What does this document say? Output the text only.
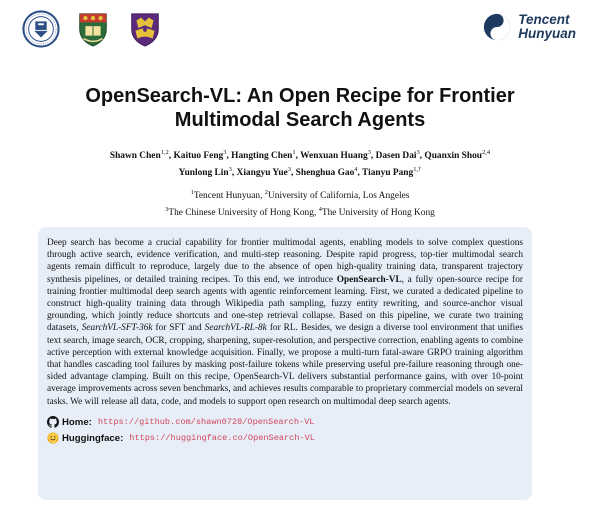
Tencent
Hunyuan
OpenSearch-VL: An Open Recipe for Frontier
Multimodal Search Agents
Shawn Chen$^{1,2}$, Kaituo Feng$^3$, Hangting Chen$^1$, Wenxuan Huang$^3$, Dasen Dai$^3$, Quanxin Shou$^{2,4}$
Yunlong Lin$^3$, Xiangyu Yue$^3$, Shenghua Gao$^4$, Tianyu Pang$^{1,\dagger}$
$^1$Tencent Hunyuan, $^2$University of California, Los Angeles
$^3$The Chinese University of Hong Kong, $^4$The University of Hong Kong

Deep search has become a crucial capability for frontier multimodal agents, enabling models to solve complex questions through active search, evidence verification, and multi-step reasoning. Despite rapid progress, top-tier multimodal search agents remain difficult to reproduce, largely due to the absence of open high-quality training data, transparent trajectory synthesis pipelines, or detailed training recipes. To this end, we introduce OpenSearch-VL, a fully open-source recipe for training frontier multimodal deep search agents with agentic reinforcement learning. First, we curated a dedicated pipeline to construct high-quality training data through Wikipedia path sampling, fuzzy entity rewriting, and source-anchor visual grounding, which jointly reduce shortcuts and one-step retrieval collapse. Based on this pipeline, we curate two training datasets, SearchVL-SFT-36k for SFT and SearchVL-RL-8k for RL. Besides, we design a diverse tool environment that unifies text search, image search, OCR, cropping, sharpening, super-resolution, and perspective correction, enabling agents to combine active perception with external knowledge acquisition. Finally, we propose a multi-turn fatal-aware GRPO training algorithm that handles cascading tool failures by masking post-failure tokens while preserving useful pre-failure reasoning through one-sided advantage clamping. Built on this recipe, OpenSearch-VL delivers substantial performance gains, with over 10-point average improvements across seven benchmarks, and achieves results comparable to proprietary commercial models on several tasks. We will release all data, code, and models to support open research on multimodal deep search agents.

Home: https://github.com/shawn0728/OpenSearch-VL
Huggingface: https://huggingface.co/OpenSearch-VL
